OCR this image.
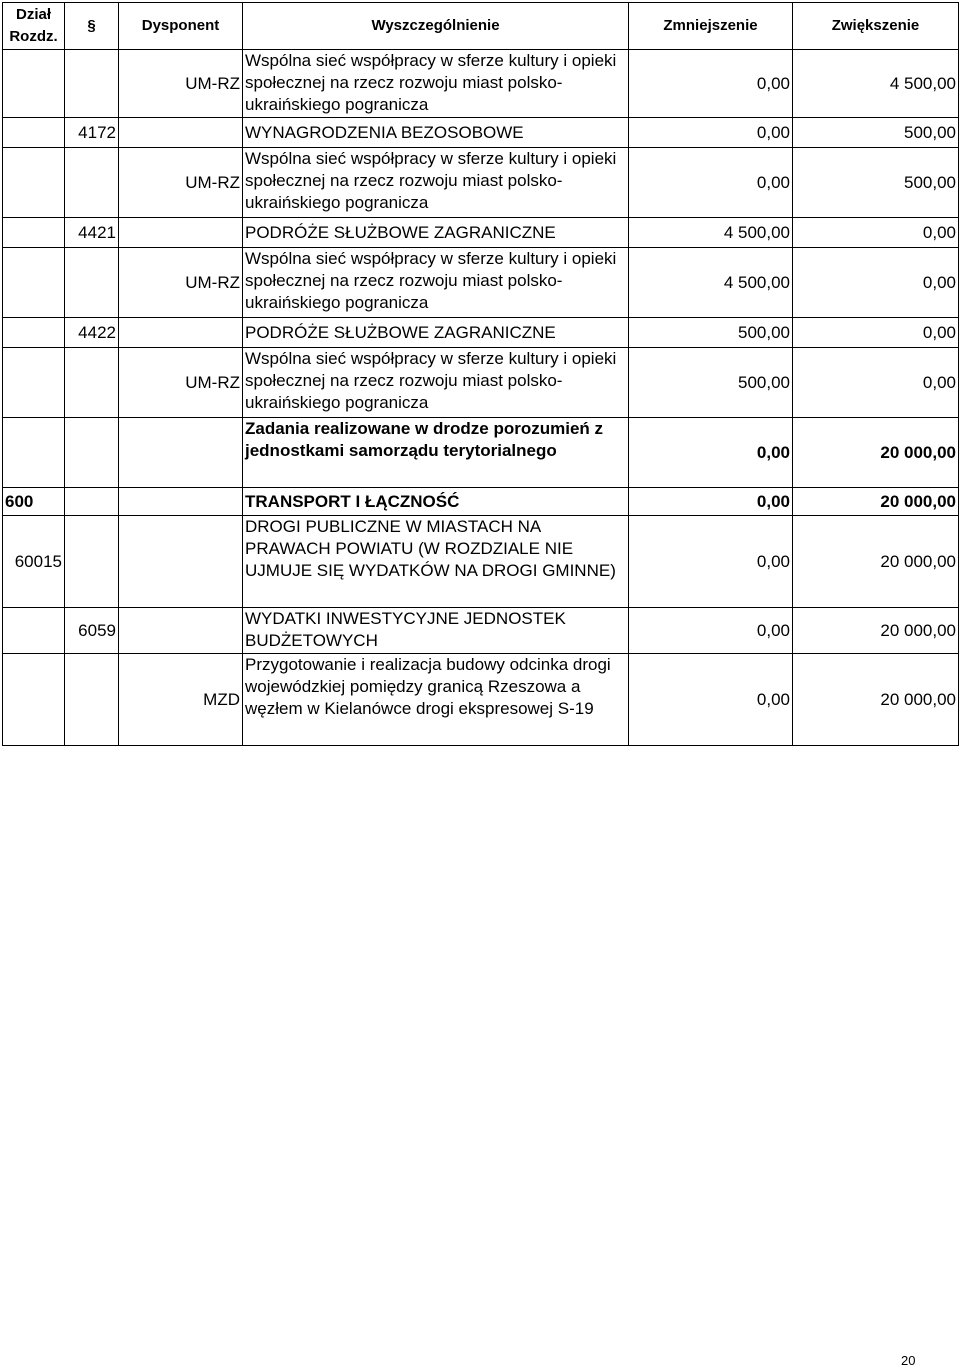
Dział
Rozdz.	§	Dysponent	Wyszczególnienie	Zmniejszenie	Zwiększenie
		UM-RZ	Wspólna sieć współpracy w sferze kultury i opieki społecznej na rzecz rozwoju miast polsko-ukraińskiego pogranicza	0,00	4 500,00
	4172		WYNAGRODZENIA BEZOSOBOWE	0,00	500,00
		UM-RZ	Wspólna sieć współpracy w sferze kultury i opieki społecznej na rzecz rozwoju miast polsko-ukraińskiego pogranicza	0,00	500,00
	4421		PODRÓŻE SŁUŻBOWE ZAGRANICZNE	4 500,00	0,00
		UM-RZ	Wspólna sieć współpracy w sferze kultury i opieki społecznej na rzecz rozwoju miast polsko-ukraińskiego pogranicza	4 500,00	0,00
	4422		PODRÓŻE SŁUŻBOWE ZAGRANICZNE	500,00	0,00
		UM-RZ	Wspólna sieć współpracy w sferze kultury i opieki społecznej na rzecz rozwoju miast polsko-ukraińskiego pogranicza	500,00	0,00
			Zadania realizowane w drodze porozumień z jednostkami samorządu terytorialnego	0,00	20 000,00
600			TRANSPORT I ŁĄCZNOŚĆ	0,00	20 000,00
60015			DROGI PUBLICZNE W MIASTACH NA PRAWACH POWIATU (W ROZDZIALE NIE UJMUJE SIĘ WYDATKÓW NA DROGI GMINNE)	0,00	20 000,00
	6059		WYDATKI INWESTYCYJNE JEDNOSTEK BUDŻETOWYCH	0,00	20 000,00
		MZD	Przygotowanie i realizacja budowy odcinka drogi wojewódzkiej pomiędzy granicą Rzeszowa a węzłem w Kielanówce drogi ekspresowej S-19	0,00	20 000,00
20
